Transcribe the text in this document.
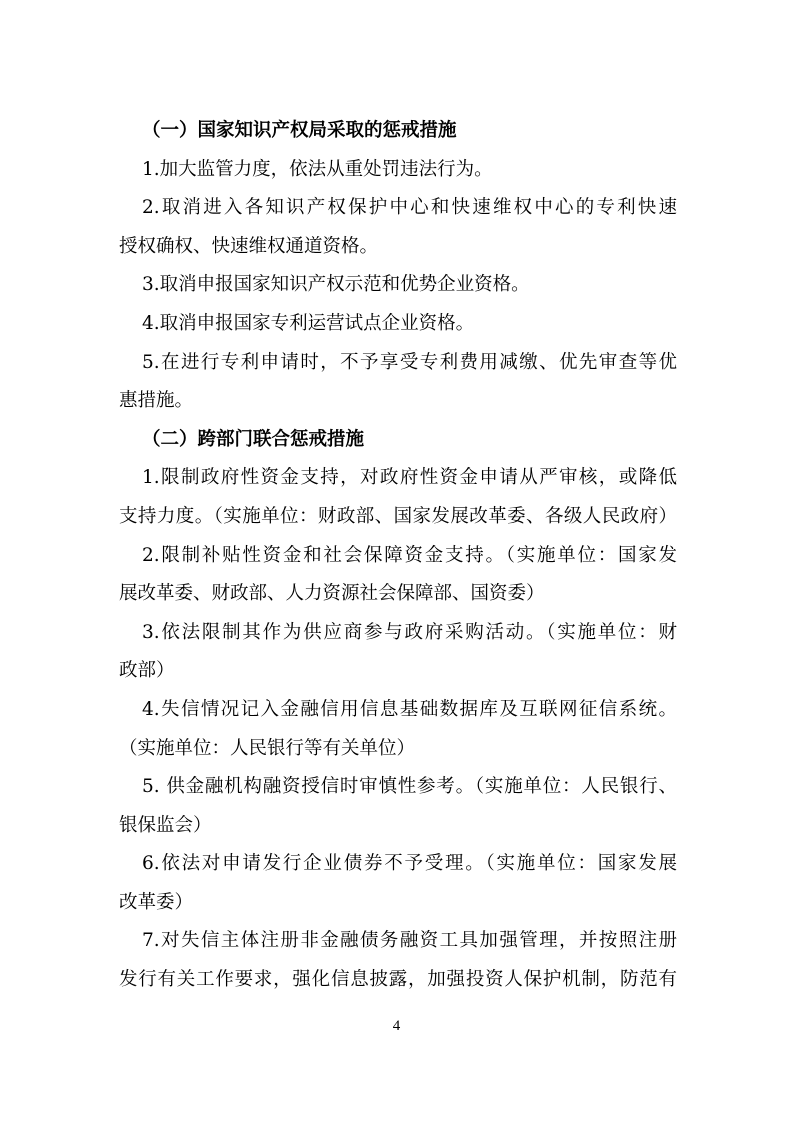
（一）国家知识产权局采取的惩戒措施
1.加大监管力度，依法从重处罚违法行为。
2.取消进入各知识产权保护中心和快速维权中心的专利快速
授权确权、快速维权通道资格。
3.取消申报国家知识产权示范和优势企业资格。
4.取消申报国家专利运营试点企业资格。
5.在进行专利申请时，不予享受专利费用减缴、优先审查等优
惠措施。
（二）跨部门联合惩戒措施
1.限制政府性资金支持，对政府性资金申请从严审核，或降低
支持力度。（实施单位：财政部、国家发展改革委、各级人民政府）
2.限制补贴性资金和社会保障资金支持。（实施单位：国家发
展改革委、财政部、人力资源社会保障部、国资委）
3.依法限制其作为供应商参与政府采购活动。（实施单位：财
政部）
4.失信情况记入金融信用信息基础数据库及互联网征信系统。
（实施单位：人民银行等有关单位）
5. 供金融机构融资授信时审慎性参考。（实施单位：人民银行、
银保监会）
6.依法对申请发行企业债券不予受理。（实施单位：国家发展
改革委）
7.对失信主体注册非金融债务融资工具加强管理，并按照注册
发行有关工作要求，强化信息披露，加强投资人保护机制，防范有
4
